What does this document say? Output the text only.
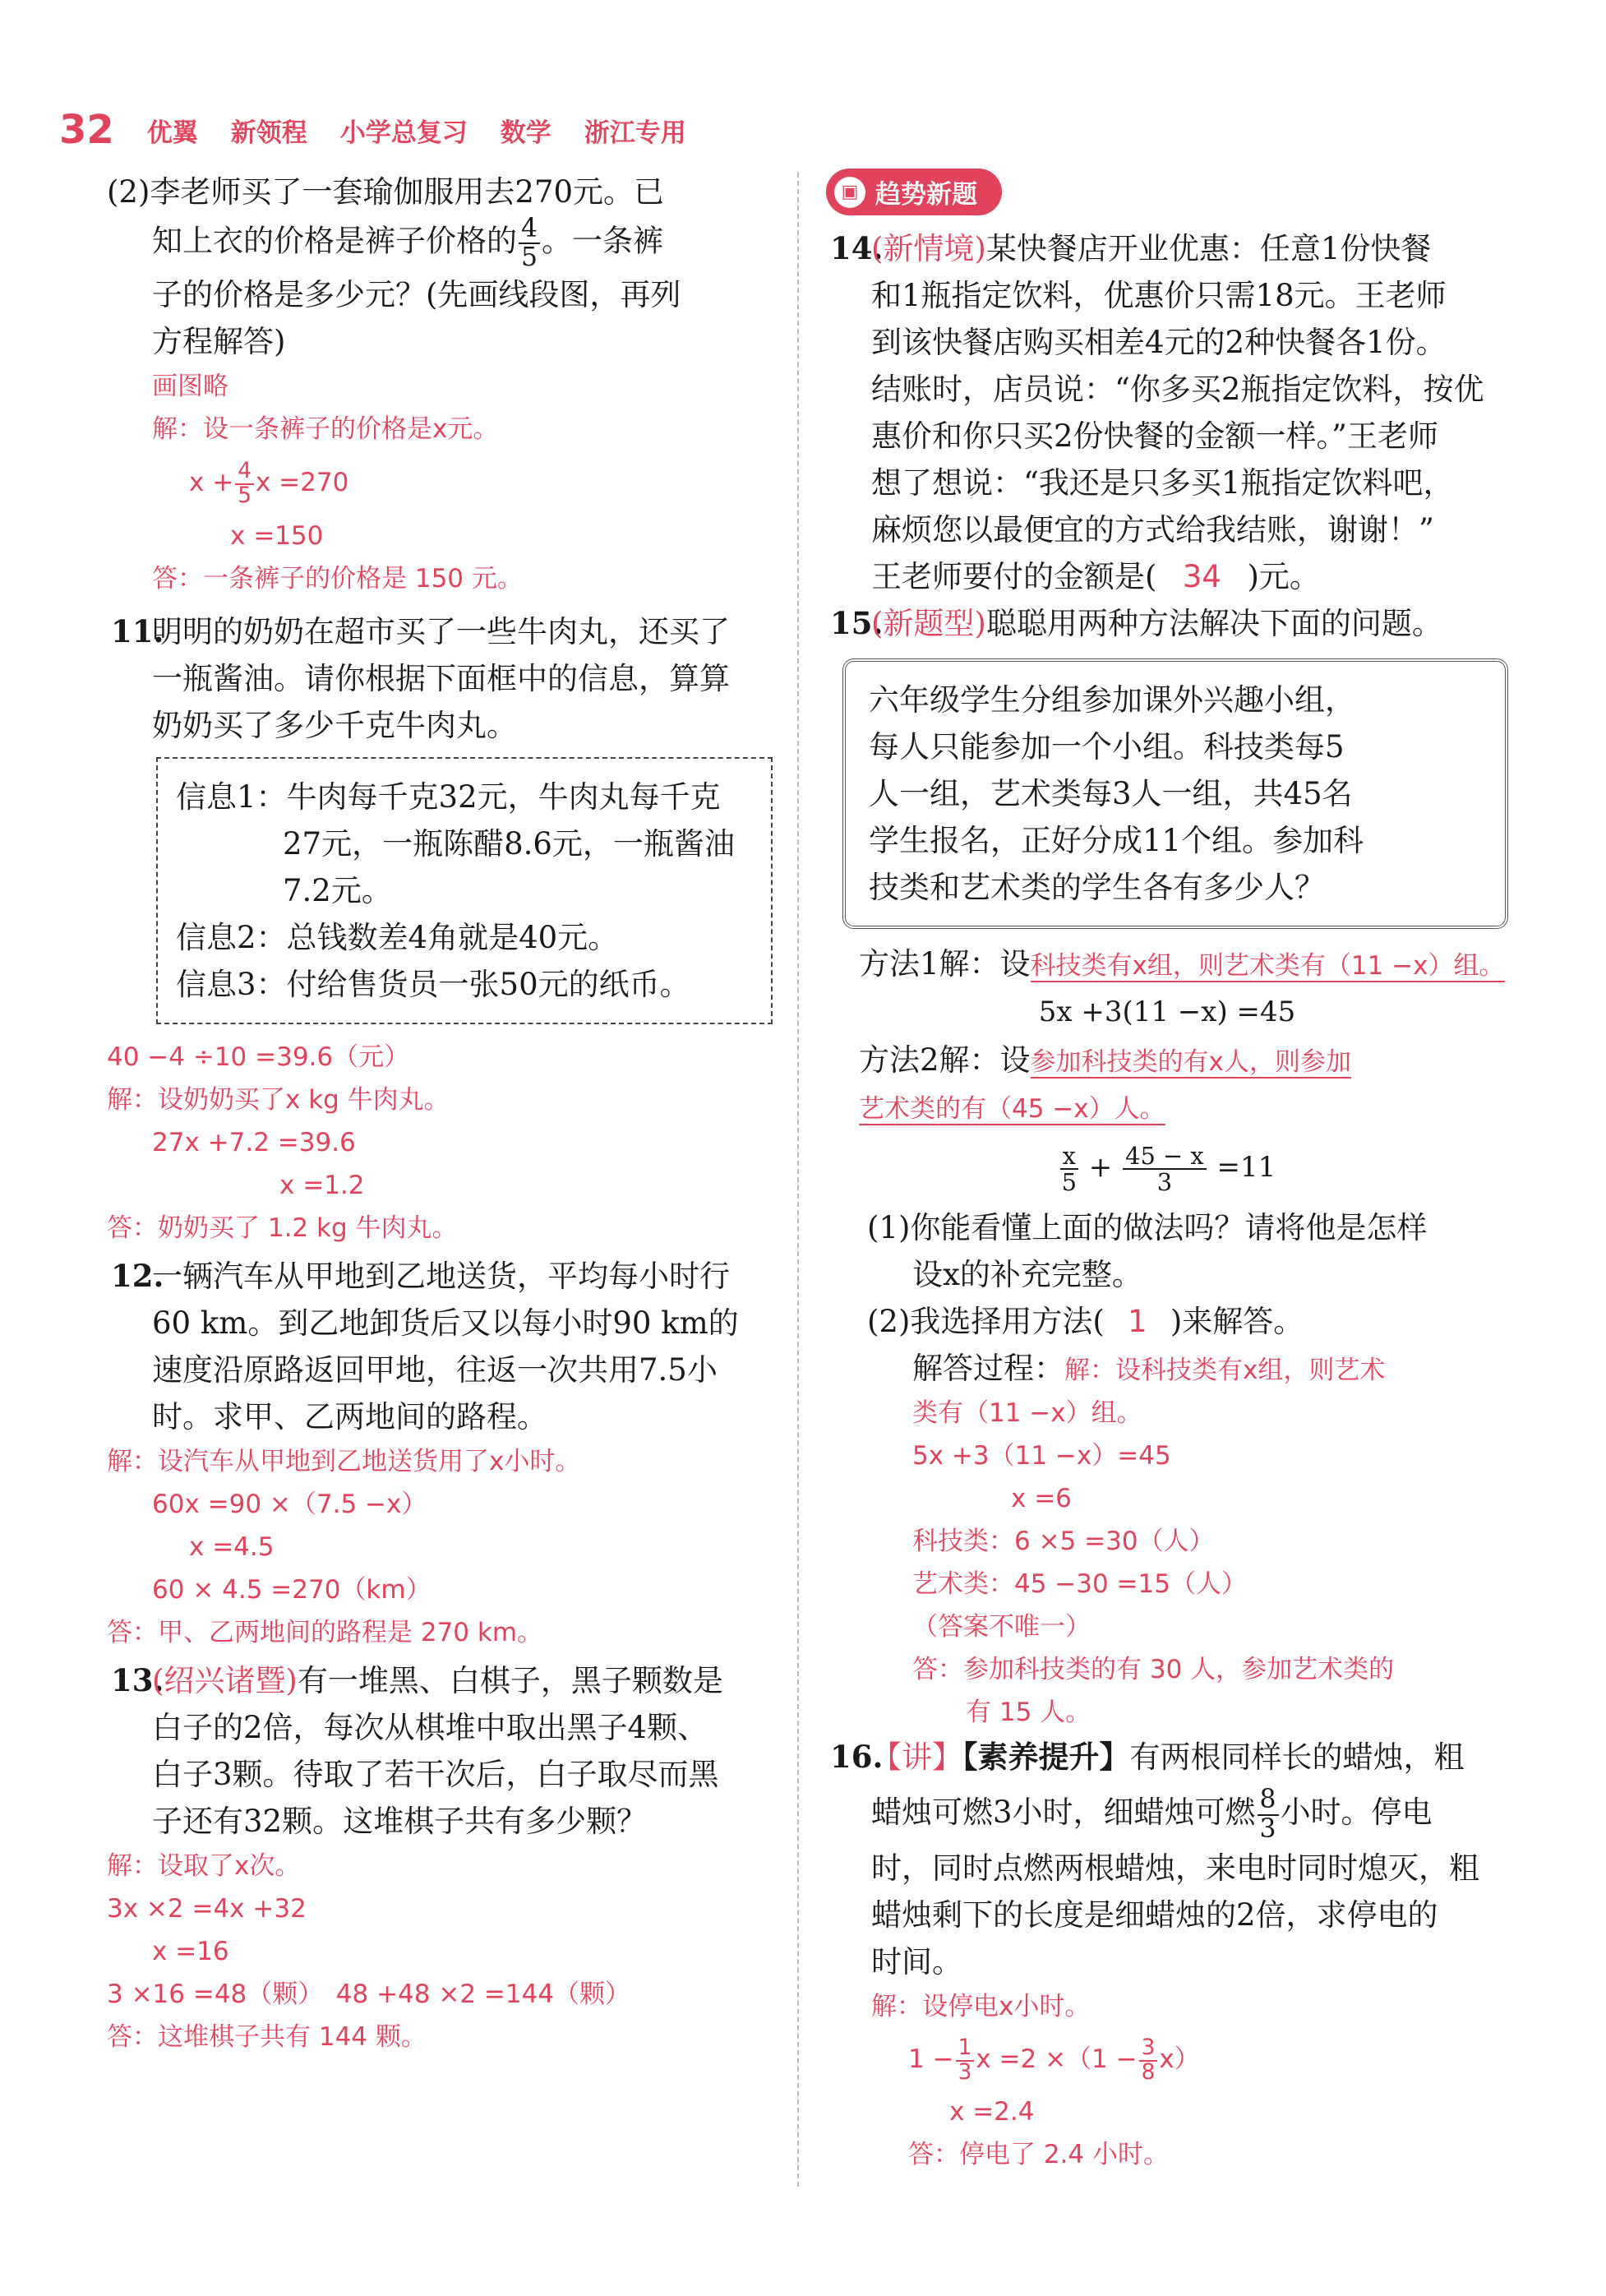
32 优翼 新领程 小学总复习 数学 浙江专用

(2)李老师买了一套瑜伽服用去270元。已

知上衣的价格是裤子价格的 $\frac{4}{5}$ 。一条裤

子的价格是多少元？(先画线段图，再列

方程解答)

画图略

解：设一条裤子的价格是x元。

$x + \frac{4}{5}$ x =270

x =150

答：一条裤子的价格是 150 元。

11.明明的奶奶在超市买了一些牛肉丸，还买了

一瓶酱油。请你根据下面框中的信息，算算

奶奶买了多少千克牛肉丸。

信息1：牛肉每千克32元，牛肉丸每千克

27元，一瓶陈醋8.6元，一瓶酱油

7.2元。

信息2：总钱数差4角就是40元。

信息3：付给售货员一张50元的纸币。

40 −4 ÷10 =39.6（元）

解：设奶奶买了x kg 牛肉丸。

27x +7.2 =39.6

x =1.2

答：奶奶买了 1.2 kg 牛肉丸。

12.一辆汽车从甲地到乙地送货，平均每小时行

60 km。到乙地卸货后又以每小时90 km的

速度沿原路返回甲地，往返一次共用7.5小

时。求甲、乙两地间的路程。

解：设汽车从甲地到乙地送货用了x小时。

60x =90 ×（7.5 −x）

x =4.5

60 × 4.5 =270（km）

答：甲、乙两地间的路程是 270 km。

13.(绍兴诸暨)有一堆黑、白棋子，黑子颗数是

白子的2倍，每次从棋堆中取出黑子4颗、

白子3颗。待取了若干次后，白子取尽而黑

子还有32颗。这堆棋子共有多少颗？

解：设取了x次。

3x ×2 =4x +32

x =16

3 ×16 =48（颗）　48 +48 ×2 =144（颗）

答：这堆棋子共有 144 颗。

▣ 趋势新题

14.(新情境)某快餐店开业优惠：任意1份快餐

和1瓶指定饮料，优惠价只需18元。王老师

到该快餐店购买相差4元的2种快餐各1份。

结账时，店员说：“你多买2瓶指定饮料，按优

惠价和你只买2份快餐的金额一样。”王老师

想了想说：“我还是只多买1瓶指定饮料吧，

麻烦您以最便宜的方式给我结账，谢谢！”

王老师要付的金额是( 34 )元。

15.(新题型)聪聪用两种方法解决下面的问题。

六年级学生分组参加课外兴趣小组，

每人只能参加一个小组。科技类每5

人一组，艺术类每3人一组，共45名

学生报名，正好分成11个组。参加科

技类和艺术类的学生各有多少人？

方法1解：设科技类有x组，则艺术类有（11 −x）组。

5x +3(11 −x) =45

方法2解：设参加科技类的有x人，则参加

艺术类的有（45 −x）人。

$\frac{x}{5} + \frac{45 - x}{3} =11$

(1)你能看懂上面的做法吗？请将他是怎样

设x的补充完整。

(2)我选择用方法( 1 )来解答。

解答过程：解：设科技类有x组，则艺术

类有（11 −x）组。

5x +3（11 −x）=45

x =6

科技类：6 ×5 =30（人）

艺术类：45 −30 =15（人）

（答案不唯一）

答：参加科技类的有 30 人，参加艺术类的

有 15 人。

16.【讲】【素养提升】有两根同样长的蜡烛，粗

蜡烛可燃3小时，细蜡烛可燃 $\frac{8}{3}$ 小时。停电

时，同时点燃两根蜡烛，来电时同时熄灭，粗

蜡烛剩下的长度是细蜡烛的2倍，求停电的

时间。

解：设停电x小时。

$1 - \frac{1}{3}$ $x =2 \times(1 - \frac{3}{8} x)$

x =2.4

答：停电了 2.4 小时。
